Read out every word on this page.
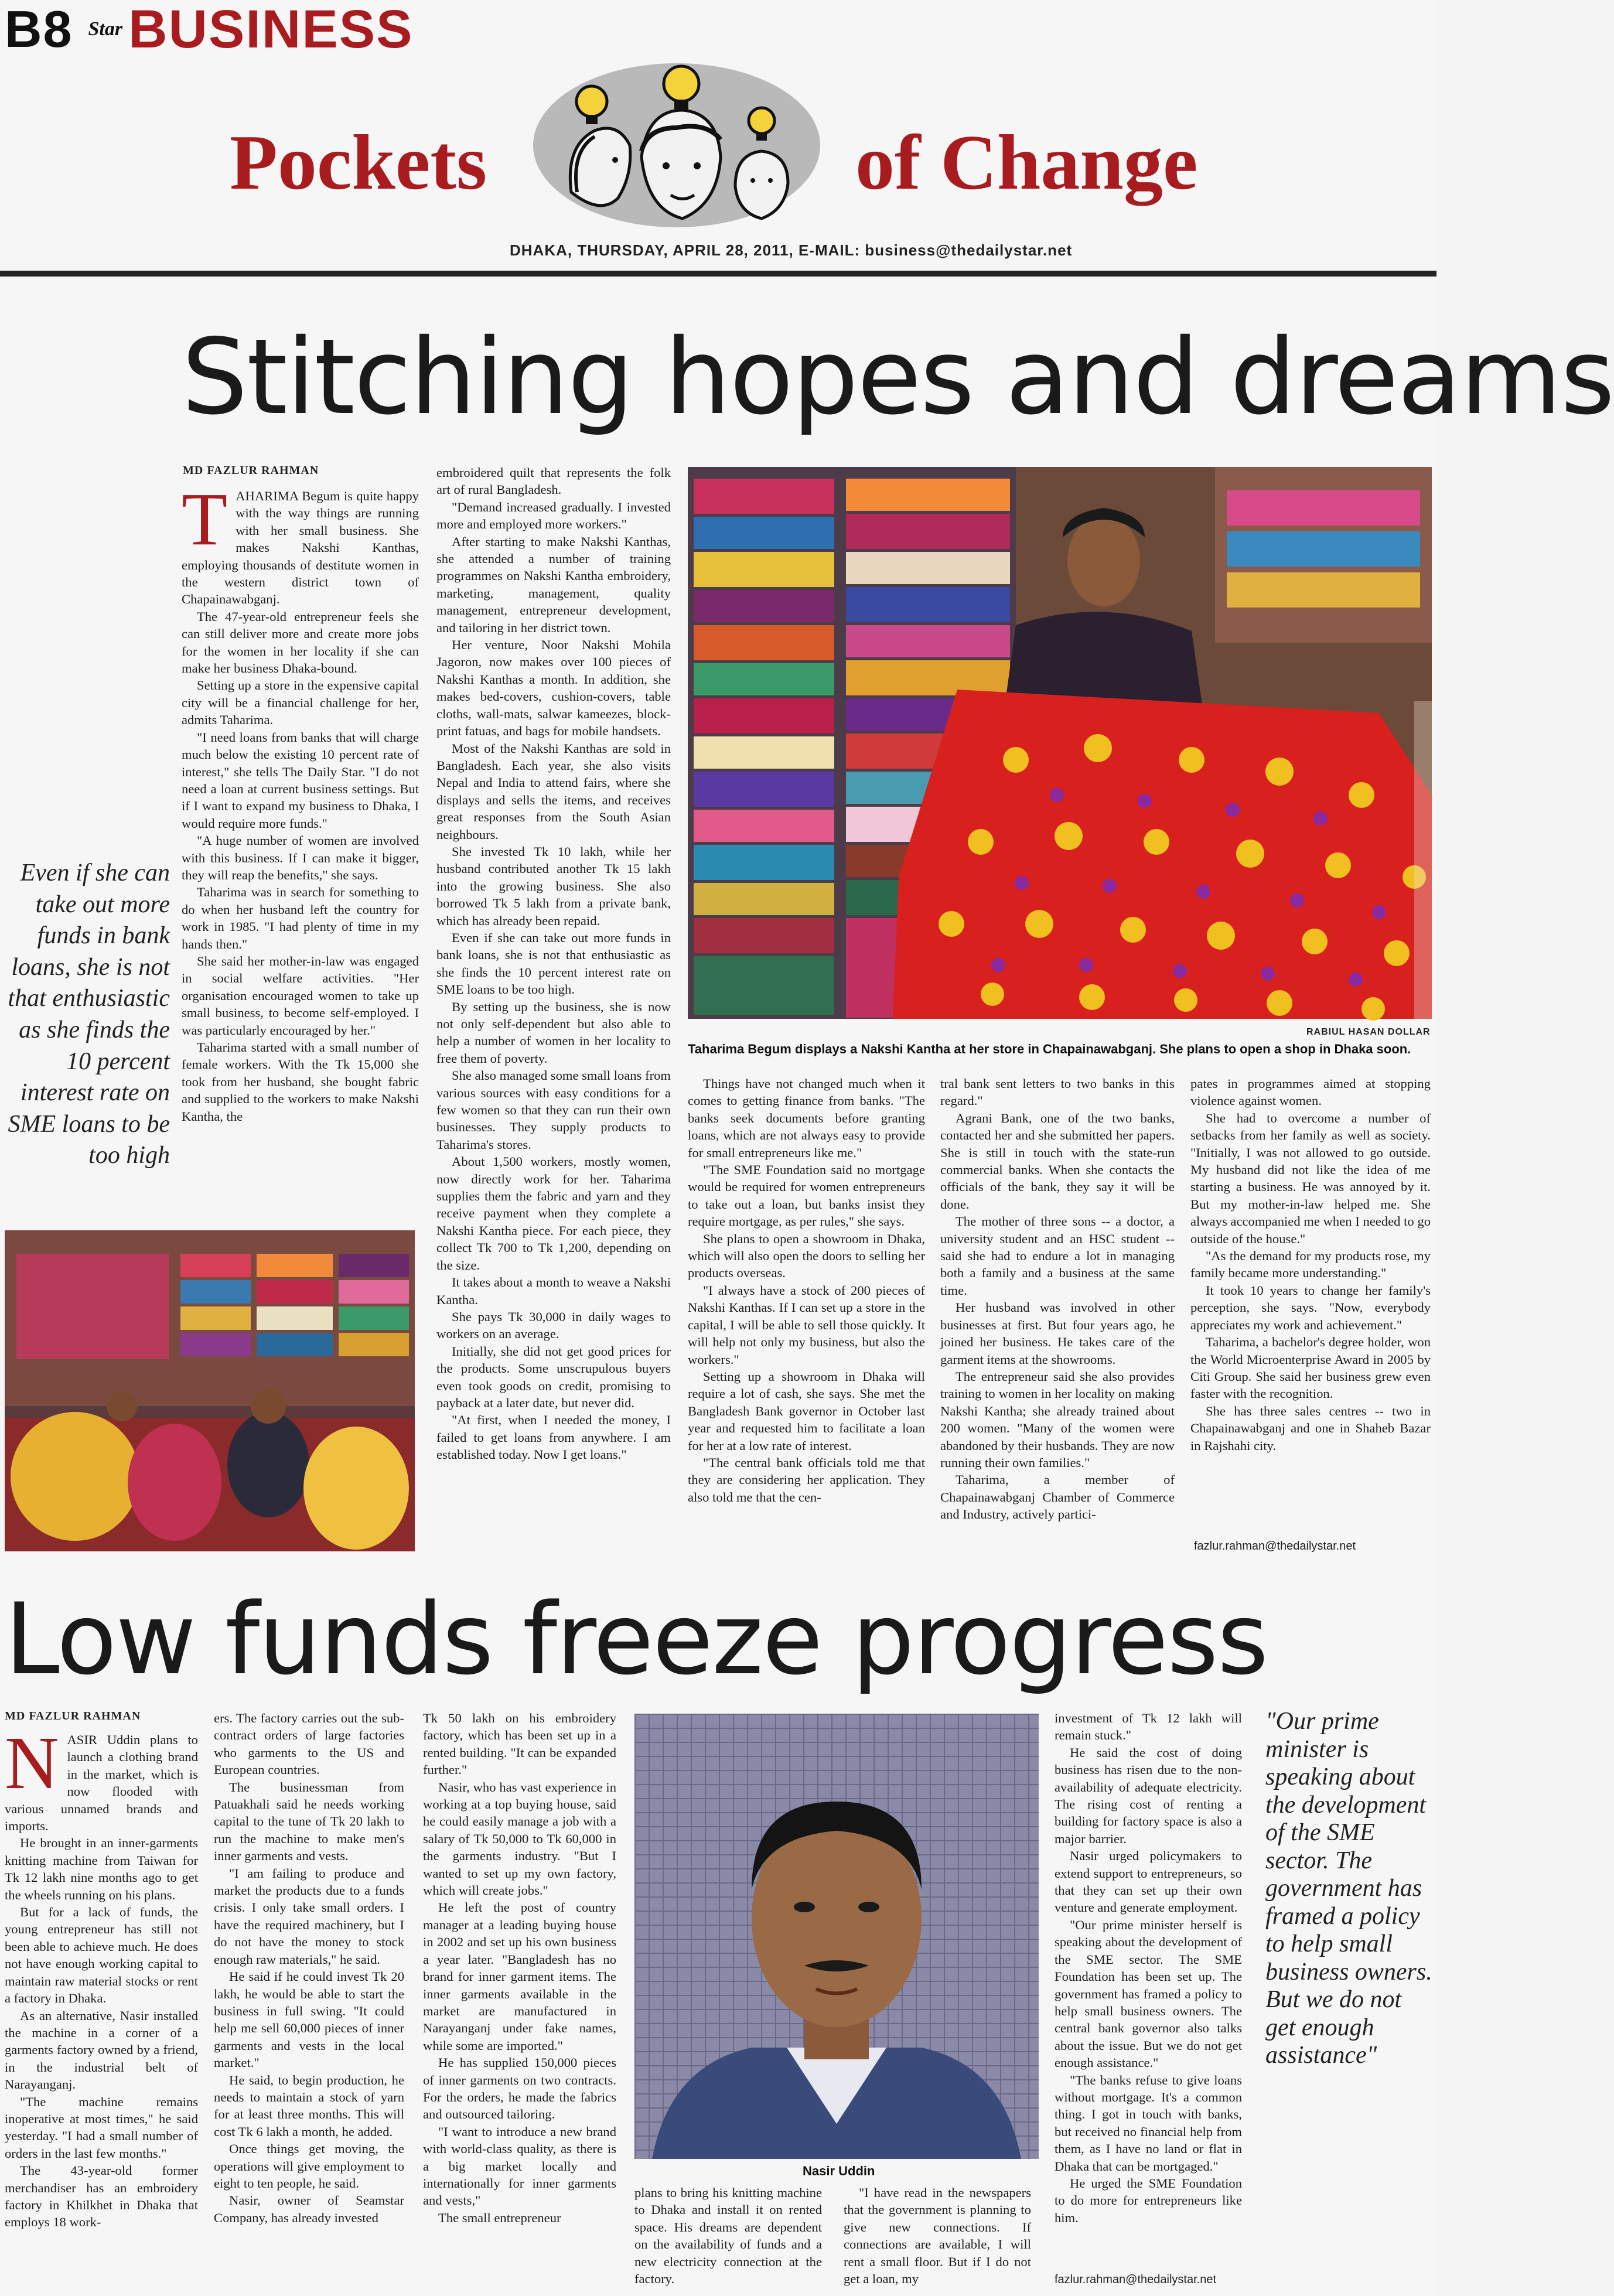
B8 Star BUSINESS
Pockets	of Change
DHAKA, THURSDAY, APRIL 28, 2011, E-MAIL: business@thedailystar.net
Stitching hopes and dreams
MD FAZLUR RAHMAN

TAHARIMA Begum is quite happy with the way things are running with her small business. She makes Nakshi Kanthas, employing thousands of destitute women in the western district town of Chapainawabganj.

The 47-year-old entrepreneur feels she can still deliver more and create more jobs for the women in her locality if she can make her business Dhaka-bound.

Setting up a store in the expensive capital city will be a financial challenge for her, admits Taharima.

"I need loans from banks that will charge much below the existing 10 percent rate of interest," she tells The Daily Star. "I do not need a loan at current business settings. But if I want to expand my business to Dhaka, I would require more funds."

"A huge number of women are involved with this business. If I can make it bigger, they will reap the benefits," she says.

Taharima was in search for something to do when her husband left the country for work in 1985. "I had plenty of time in my hands then."

She said her mother-in-law was engaged in social welfare activities. "Her organisation encouraged women to take up small business, to become self-employed. I was particularly encouraged by her."

Taharima started with a small number of female workers. With the Tk 15,000 she took from her husband, she bought fabric and supplied to the workers to make Nakshi Kantha, the

embroidered quilt that represents the folk art of rural Bangladesh.

"Demand increased gradually. I invested more and employed more workers."

After starting to make Nakshi Kanthas, she attended a number of training programmes on Nakshi Kantha embroidery, marketing, management, quality management, entrepreneur development, and tailoring in her district town.

Her venture, Noor Nakshi Mohila Jagoron, now makes over 100 pieces of Nakshi Kanthas a month. In addition, she makes bed-covers, cushion-covers, table cloths, wall-mats, salwar kameezes, block-print fatuas, and bags for mobile handsets.

Most of the Nakshi Kanthas are sold in Bangladesh. Each year, she also visits Nepal and India to attend fairs, where she displays and sells the items, and receives great responses from the South Asian neighbours.

She invested Tk 10 lakh, while her husband contributed another Tk 15 lakh into the growing business. She also borrowed Tk 5 lakh from a private bank, which has already been repaid.

Even if she can take out more funds in bank loans, she is not that enthusiastic as she finds the 10 percent interest rate on SME loans to be too high.

By setting up the business, she is now not only self-dependent but also able to help a number of women in her locality to free them of poverty.

She also managed some small loans from various sources with easy conditions for a few women so that they can run their own businesses. They supply products to Taharima's stores.

About 1,500 workers, mostly women, now directly work for her. Taharima supplies them the fabric and yarn and they receive payment when they complete a Nakshi Kantha piece. For each piece, they collect Tk 700 to Tk 1,200, depending on the size.

It takes about a month to weave a Nakshi Kantha.

She pays Tk 30,000 in daily wages to workers on an average.

Initially, she did not get good prices for the products. Some unscrupulous buyers even took goods on credit, promising to payback at a later date, but never did.

"At first, when I needed the money, I failed to get loans from anywhere. I am established today. Now I get loans."

Even if she can take out more funds in bank loans, she is not that enthusiastic as she finds the 10 percent interest rate on SME loans to be too high
RABIUL HASAN DOLLAR
Taharima Begum displays a Nakshi Kantha at her store in Chapainawabganj. She plans to open a shop in Dhaka soon.

Things have not changed much when it comes to getting finance from banks. "The banks seek documents before granting loans, which are not always easy to provide for small entrepreneurs like me."

"The SME Foundation said no mortgage would be required for women entrepreneurs to take out a loan, but banks insist they require mortgage, as per rules," she says.

She plans to open a showroom in Dhaka, which will also open the doors to selling her products overseas.

"I always have a stock of 200 pieces of Nakshi Kanthas. If I can set up a store in the capital, I will be able to sell those quickly. It will help not only my business, but also the workers."

Setting up a showroom in Dhaka will require a lot of cash, she says. She met the Bangladesh Bank governor in October last year and requested him to facilitate a loan for her at a low rate of interest.

"The central bank officials told me that they are considering her application. They also told me that the cen-

tral bank sent letters to two banks in this regard."

Agrani Bank, one of the two banks, contacted her and she submitted her papers. She is still in touch with the state-run commercial banks. When she contacts the officials of the bank, they say it will be done.

The mother of three sons -- a doctor, a university student and an HSC student -- said she had to endure a lot in managing both a family and a business at the same time.

Her husband was involved in other businesses at first. But four years ago, he joined her business. He takes care of the garment items at the showrooms.

The entrepreneur said she also provides training to women in her locality on making Nakshi Kantha; she already trained about 200 women. "Many of the women were abandoned by their husbands. They are now running their own families."

Taharima, a member of Chapainawabganj Chamber of Commerce and Industry, actively partici-

pates in programmes aimed at stopping violence against women.

She had to overcome a number of setbacks from her family as well as society. "Initially, I was not allowed to go outside. My husband did not like the idea of me starting a business. He was annoyed by it. But my mother-in-law helped me. She always accompanied me when I needed to go outside of the house."

"As the demand for my products rose, my family became more understanding."

It took 10 years to change her family's perception, she says. "Now, everybody appreciates my work and achievement."

Taharima, a bachelor's degree holder, won the World Microenterprise Award in 2005 by Citi Group. She said her business grew even faster with the recognition.

She has three sales centres -- two in Chapainawabganj and one in Shaheb Bazar in Rajshahi city.

fazlur.rahman@thedailystar.net
Low funds freeze progress
MD FAZLUR RAHMAN

NASIR Uddin plans to launch a clothing brand in the market, which is now flooded with various unnamed brands and imports.

He brought in an inner-garments knitting machine from Taiwan for Tk 12 lakh nine months ago to get the wheels running on his plans.

But for a lack of funds, the young entrepreneur has still not been able to achieve much. He does not have enough working capital to maintain raw material stocks or rent a factory in Dhaka.

As an alternative, Nasir installed the machine in a corner of a garments factory owned by a friend, in the industrial belt of Narayanganj.

"The machine remains inoperative at most times," he said yesterday. "I had a small number of orders in the last few months."

The 43-year-old former merchandiser has an embroidery factory in Khilkhet in Dhaka that employs 18 work-

ers. The factory carries out the sub-contract orders of large factories who garments to the US and European countries.

The businessman from Patuakhali said he needs working capital to the tune of Tk 20 lakh to run the machine to make men's inner garments and vests.

"I am failing to produce and market the products due to a funds crisis. I only take small orders. I have the required machinery, but I do not have the money to stock enough raw materials," he said.

He said if he could invest Tk 20 lakh, he would be able to start the business in full swing. "It could help me sell 60,000 pieces of inner garments and vests in the local market."

He said, to begin production, he needs to maintain a stock of yarn for at least three months. This will cost Tk 6 lakh a month, he added.

Once things get moving, the operations will give employment to eight to ten people, he said.

Nasir, owner of Seamstar Company, has already invested

Tk 50 lakh on his embroidery factory, which has been set up in a rented building. "It can be expanded further."

Nasir, who has vast experience in working at a top buying house, said he could easily manage a job with a salary of Tk 50,000 to Tk 60,000 in the garments industry. "But I wanted to set up my own factory, which will create jobs."

He left the post of country manager at a leading buying house in 2002 and set up his own business a year later. "Bangladesh has no brand for inner garment items. The inner garments available in the market are manufactured in Narayanganj under fake names, while some are imported."

He has supplied 150,000 pieces of inner garments on two contracts. For the orders, he made the fabrics and outsourced tailoring.

"I want to introduce a new brand with world-class quality, as there is a big market locally and internationally for inner garments and vests,"

The small entrepreneur

Nasir Uddin

plans to bring his knitting machine to Dhaka and install it on rented space. His dreams are dependent on the availability of funds and a new electricity connection at the factory.

"I have read in the newspapers that the government is planning to give new connections. If connections are available, I will rent a small floor. But if I do not get a loan, my

investment of Tk 12 lakh will remain stuck."

He said the cost of doing business has risen due to the non-availability of adequate electricity. The rising cost of renting a building for factory space is also a major barrier.

Nasir urged policymakers to extend support to entrepreneurs, so that they can set up their own venture and generate employment.

"Our prime minister herself is speaking about the development of the SME sector. The SME Foundation has been set up. The government has framed a policy to help small business owners. The central bank governor also talks about the issue. But we do not get enough assistance."

"The banks refuse to give loans without mortgage. It's a common thing. I got in touch with banks, but received no financial help from them, as I have no land or flat in Dhaka that can be mortgaged."

He urged the SME Foundation to do more for entrepreneurs like him.

fazlur.rahman@thedailystar.net
"Our prime minister is speaking about the development of the SME sector. The government has framed a policy to help small business owners. But we do not get enough assistance"
